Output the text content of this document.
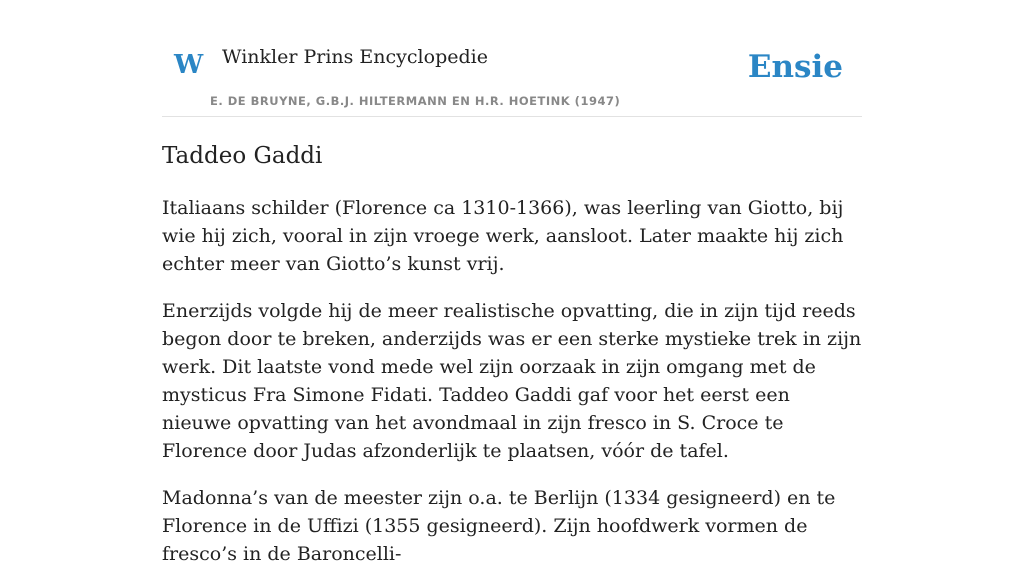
W Winkler Prins Encyclopedie
E. DE BRUYNE, G.B.J. HILTERMANN EN H.R. HOETINK (1947)
Ensie
Taddeo Gaddi

Italiaans schilder (Florence ca 1310-1366), was leerling van Giotto, bij wie hij zich, vooral in zijn vroege werk, aansloot. Later maakte hij zich echter meer van Giotto’s kunst vrij.

Enerzijds volgde hij de meer realistische opvatting, die in zijn tijd reeds begon door te breken, anderzijds was er een sterke mystieke trek in zijn werk. Dit laatste vond mede wel zijn oorzaak in zijn omgang met de mysticus Fra Simone Fidati. Taddeo Gaddi gaf voor het eerst een nieuwe opvatting van het avondmaal in zijn fresco in S. Croce te Florence door Judas afzonderlijk te plaatsen, vóór de tafel.

Madonna’s van de meester zijn o.a. te Berlijn (1334 gesigneerd) en te Florence in de Uffizi (1355 gesigneerd). Zijn hoofdwerk vormen de fresco’s in de Baroncelli-
